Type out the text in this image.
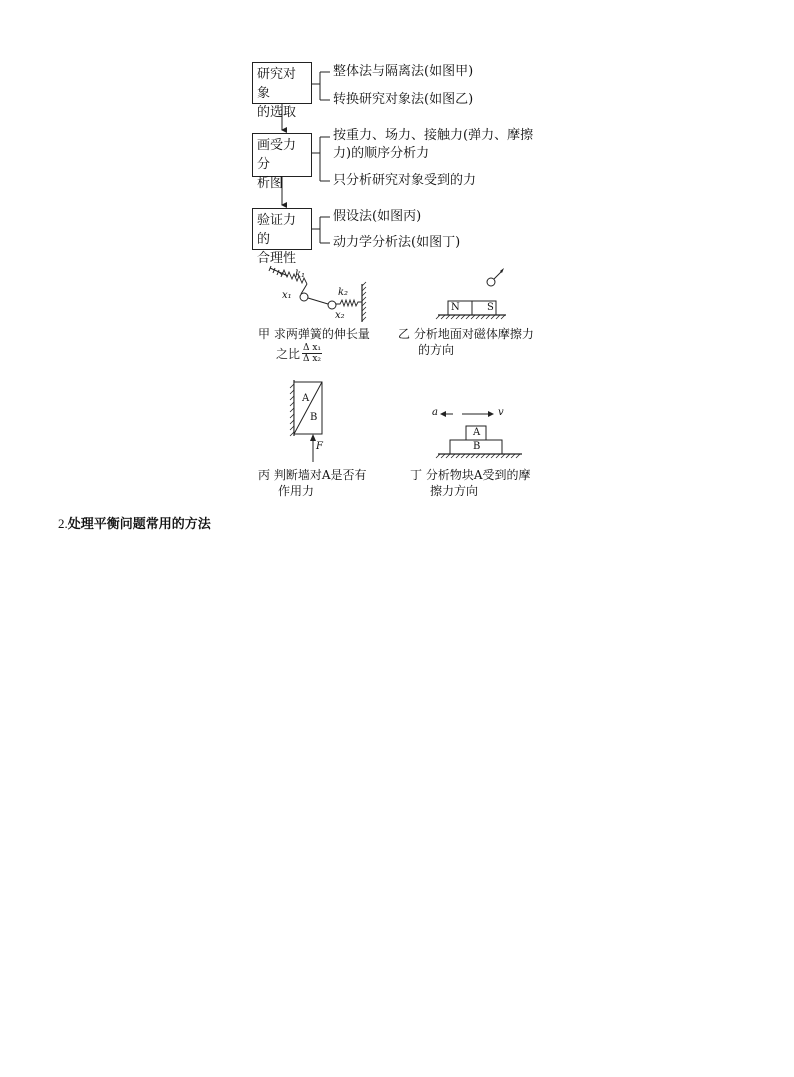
研究对象
的选取
整体法与隔离法(如图甲)
转换研究对象法(如图乙)
画受力分
析图
按重力、场力、接触力(弹力、摩擦
力)的顺序分析力
只分析研究对象受到的力
验证力的
合理性
假设法(如图丙)
动力学分析法(如图丁)
k₁
x₁	k₂
x₂
甲 求两弹簧的伸长量
之比 $\frac{\text{Δ x₁}}{\text{Δ x₂}}$
N	S
乙 分析地面对磁体摩擦力
的方向
A
B
F
丙 判断墙对A是否有
作用力
a	v
A
B
丁 分析物块A受到的摩
擦力方向
2.处理平衡问题常用的方法
